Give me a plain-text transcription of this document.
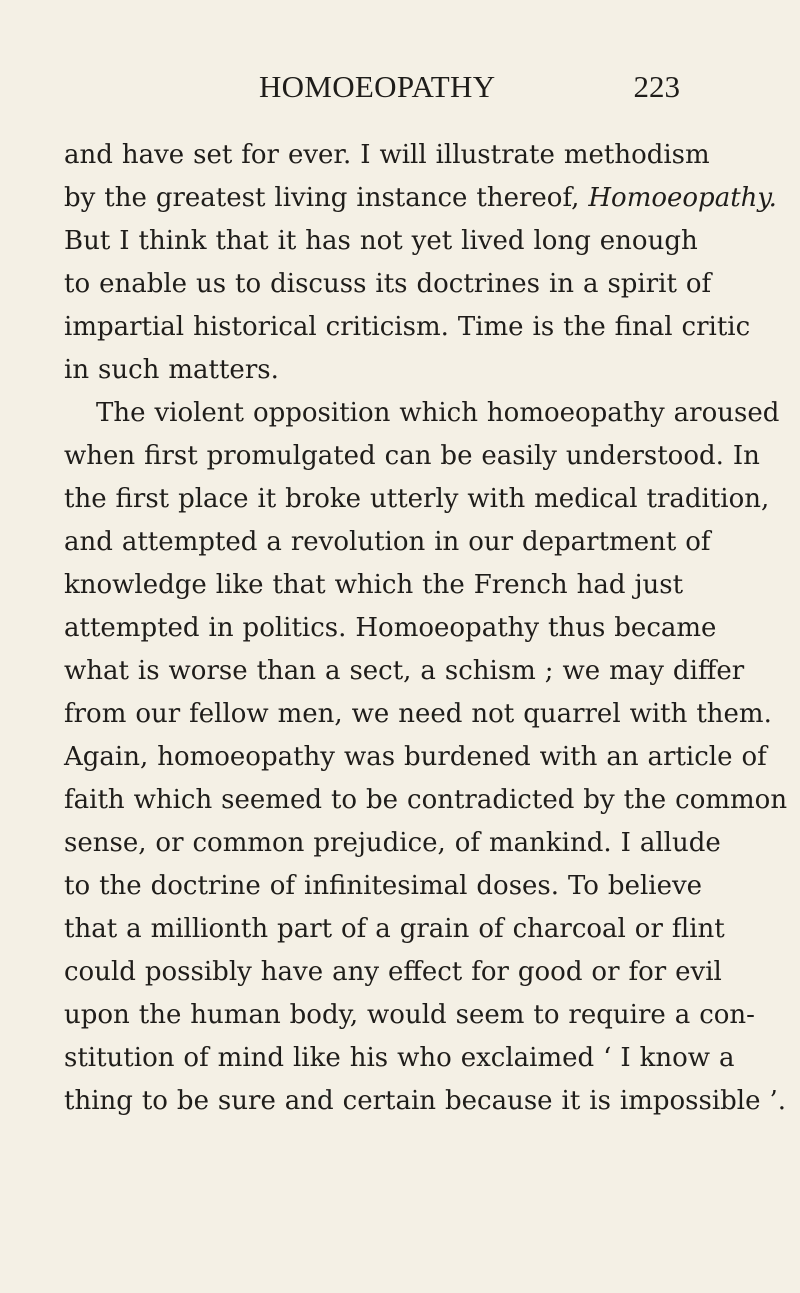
HOMOEOPATHY	223
and have set for ever. I will illustrate methodism
by the greatest living instance thereof, Homoeopathy.
But I think that it has not yet lived long enough
to enable us to discuss its doctrines in a spirit of
impartial historical criticism. Time is the final critic
in such matters.
The violent opposition which homoeopathy aroused
when first promulgated can be easily understood. In
the first place it broke utterly with medical tradition,
and attempted a revolution in our department of
knowledge like that which the French had just
attempted in politics. Homoeopathy thus became
what is worse than a sect, a schism ; we may differ
from our fellow men, we need not quarrel with them.
Again, homoeopathy was burdened with an article of
faith which seemed to be contradicted by the common
sense, or common prejudice, of mankind. I allude
to the doctrine of infinitesimal doses. To believe
that a millionth part of a grain of charcoal or flint
could possibly have any effect for good or for evil
upon the human body, would seem to require a con-
stitution of mind like his who exclaimed ‘ I know a
thing to be sure and certain because it is impossible ’.
